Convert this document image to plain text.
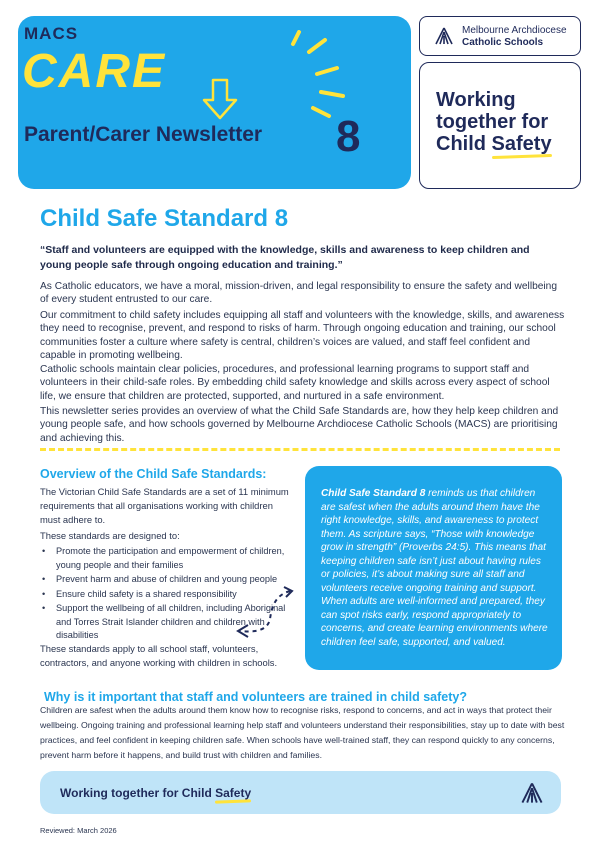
MACS
CARE
Parent/Carer Newsletter 8
Melbourne Archdiocese
Catholic Schools
Working
together for
Child Safety
Child Safe Standard 8
“Staff and volunteers are equipped with the knowledge, skills and awareness to keep children and young people safe through ongoing education and training.”
As Catholic educators, we have a moral, mission-driven, and legal responsibility to ensure the safety and wellbeing of every student entrusted to our care.
Our commitment to child safety includes equipping all staff and volunteers with the knowledge, skills, and awareness they need to recognise, prevent, and respond to risks of harm. Through ongoing education and training, our school communities foster a culture where safety is central, children’s voices are valued, and staff feel confident and capable in promoting wellbeing.
Catholic schools maintain clear policies, procedures, and professional learning programs to support staff and volunteers in their child-safe roles. By embedding child safety knowledge and skills across every aspect of school life, we ensure that children are protected, supported, and nurtured in a safe environment.
This newsletter series provides an overview of what the Child Safe Standards are, how they help keep children and young people safe, and how schools governed by Melbourne Archdiocese Catholic Schools (MACS) are prioritising and achieving this.
Overview of the Child Safe Standards:
The Victorian Child Safe Standards are a set of 11 minimum requirements that all organisations working with children must adhere to.
These standards are designed to:
• Promote the participation and empowerment of children, young people and their families
• Prevent harm and abuse of children and young people
• Ensure child safety is a shared responsibility
• Support the wellbeing of all children, including Aboriginal and Torres Strait Islander children and children with disabilities
These standards apply to all school staff, volunteers, contractors, and anyone working with children in schools.
Child Safe Standard 8 reminds us that children are safest when the adults around them have the right knowledge, skills, and awareness to protect them. As scripture says, “Those with knowledge grow in strength” (Proverbs 24:5). This means that keeping children safe isn’t just about having rules or policies, it’s about making sure all staff and volunteers receive ongoing training and support. When adults are well-informed and prepared, they can spot risks early, respond appropriately to concerns, and create learning environments where children feel safe, supported, and valued.
Why is it important that staff and volunteers are trained in child safety?
Children are safest when the adults around them know how to recognise risks, respond to concerns, and act in ways that protect their wellbeing. Ongoing training and professional learning help staff and volunteers understand their responsibilities, stay up to date with best practices, and feel confident in keeping children safe. When schools have well-trained staff, they can respond quickly to any concerns, prevent harm before it happens, and build trust with children and families.
Working together for Child Safety
Reviewed: March 2026
